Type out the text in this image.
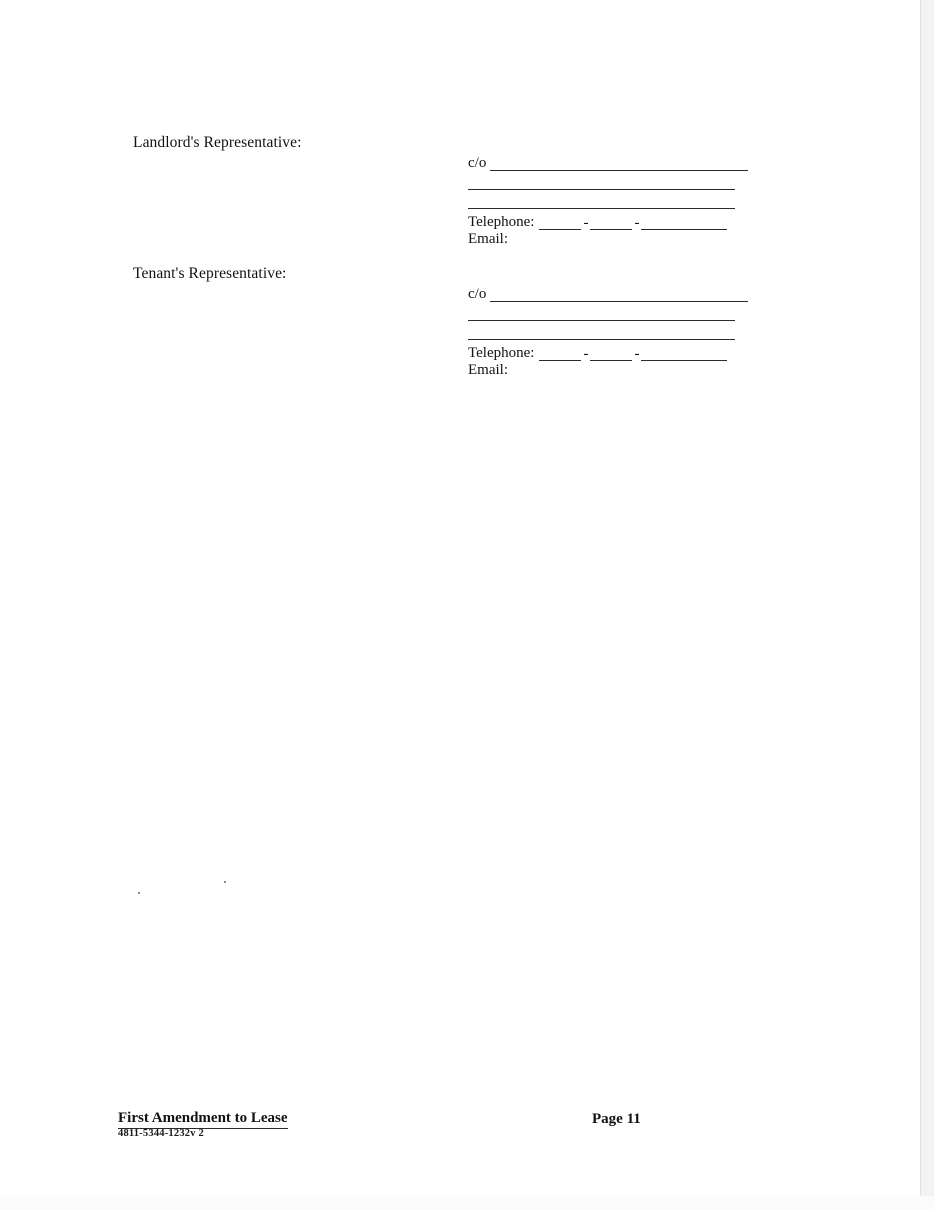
Landlord's Representative:
c/o
Telephone:	-	-
Email:
Tenant's Representative:
c/o
Telephone:	-	-
Email:
First Amendment to Lease
4811-5344-1232v 2
Page 11
